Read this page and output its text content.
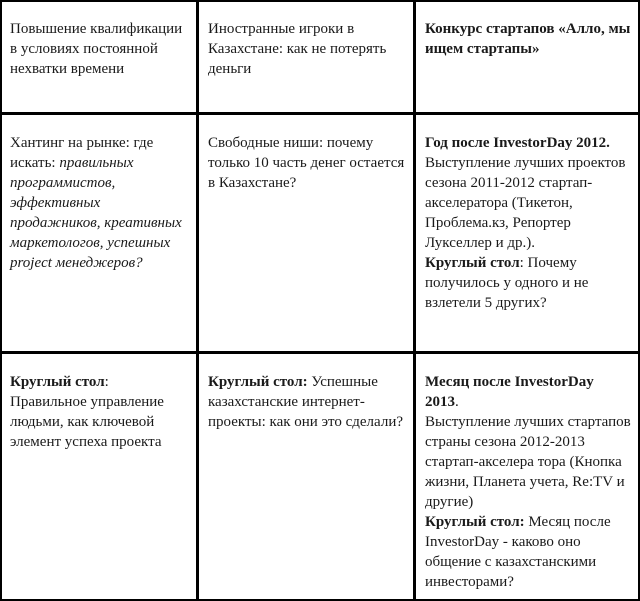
Повышение квалификации в условиях постоянной нехватки времени

Иностранные игроки в Казахстане: как не потерять деньги

Конкурс стартапов «Алло, мы ищем стартапы»

Хантинг на рынке: где искать: правильных программистов, эффективных продажников, креативных маркетологов, успешных project менеджеров?

Свободные ниши: почему только 10 часть денег остается в Казахстане?

Год после InvestorDay 2012. Выступление лучших проектов сезона 2011-2012 стартап-акселератора (Тикетон, Проблема.кз, Репортер
Лукселлер и др.).
Круглый стол: Почему получилось у одного и не взлетели 5 других?

Круглый стол:
Правильное управление людьми, как ключевой элемент успеха проекта

Круглый стол: Успешные казахстанские интернет-проекты: как они это сделали?

Месяц после InvestorDay 2013.
Выступление лучших стартапов страны сезона 2012-2013 стартап-акселера тора (Кнопка жизни, Планета учета, Re:TV и другие)
Круглый стол: Месяц после InvestorDay - каково оно общение с казахстанскими инвесторами?
